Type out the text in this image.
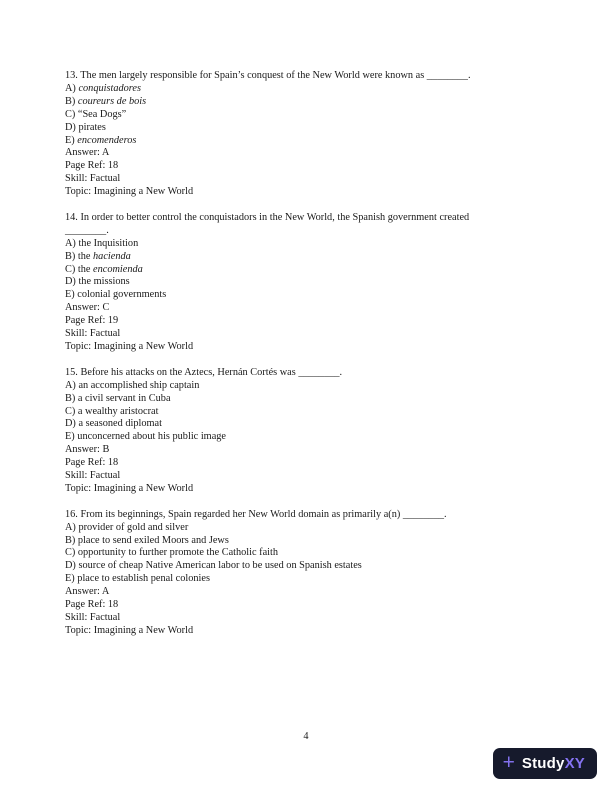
13. The men largely responsible for Spain’s conquest of the New World were known as ________.
A) conquistadores
B) coureurs de bois
C) “Sea Dogs”
D) pirates
E) encomenderos
Answer: A
Page Ref: 18
Skill: Factual
Topic: Imagining a New World
14. In order to better control the conquistadors in the New World, the Spanish government created
________.
A) the Inquisition
B) the hacienda
C) the encomienda
D) the missions
E) colonial governments
Answer: C
Page Ref: 19
Skill: Factual
Topic: Imagining a New World
15. Before his attacks on the Aztecs, Hernán Cortés was ________.
A) an accomplished ship captain
B) a civil servant in Cuba
C) a wealthy aristocrat
D) a seasoned diplomat
E) unconcerned about his public image
Answer: B
Page Ref: 18
Skill: Factual
Topic: Imagining a New World
16. From its beginnings, Spain regarded her New World domain as primarily a(n) ________.
A) provider of gold and silver
B) place to send exiled Moors and Jews
C) opportunity to further promote the Catholic faith
D) source of cheap Native American labor to be used on Spanish estates
E) place to establish penal colonies
Answer: A
Page Ref: 18
Skill: Factual
Topic: Imagining a New World
4
+ StudyXY
